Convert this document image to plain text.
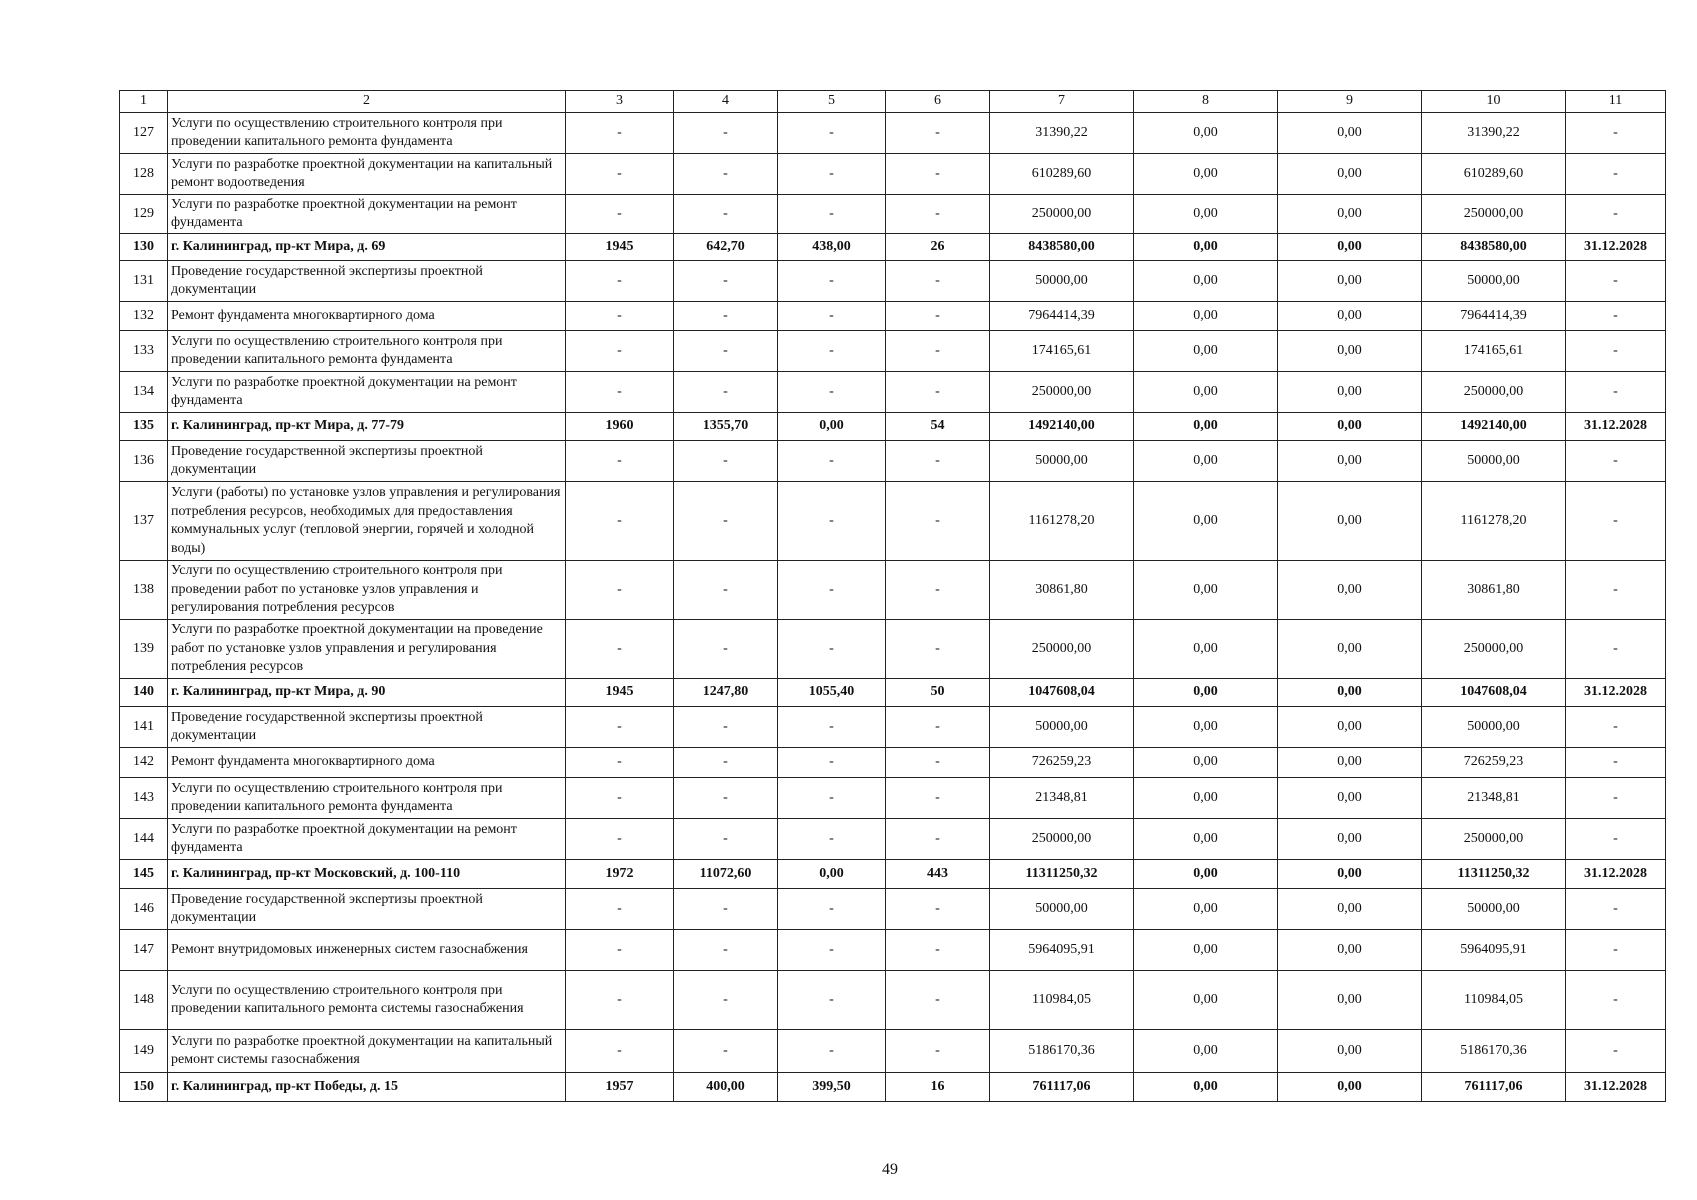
1	2	3	4	5	6	7	8	9	10	11
127	Услуги по осуществлению строительного контроля при проведении капитального ремонта фундамента	-	-	-	-	31390,22	0,00	0,00	31390,22	-
128	Услуги по разработке проектной документации на капитальный ремонт водоотведения	-	-	-	-	610289,60	0,00	0,00	610289,60	-
129	Услуги по разработке проектной документации на ремонт фундамента	-	-	-	-	250000,00	0,00	0,00	250000,00	-
130	г. Калининград, пр-кт Мира, д. 69	1945	642,70	438,00	26	8438580,00	0,00	0,00	8438580,00	31.12.2028
131	Проведение государственной экспертизы проектной документации	-	-	-	-	50000,00	0,00	0,00	50000,00	-
132	Ремонт фундамента многоквартирного дома	-	-	-	-	7964414,39	0,00	0,00	7964414,39	-
133	Услуги по осуществлению строительного контроля при проведении капитального ремонта фундамента	-	-	-	-	174165,61	0,00	0,00	174165,61	-
134	Услуги по разработке проектной документации на ремонт фундамента	-	-	-	-	250000,00	0,00	0,00	250000,00	-
135	г. Калининград, пр-кт Мира, д. 77-79	1960	1355,70	0,00	54	1492140,00	0,00	0,00	1492140,00	31.12.2028
136	Проведение государственной экспертизы проектной документации	-	-	-	-	50000,00	0,00	0,00	50000,00	-
137	Услуги (работы) по установке узлов управления и регулирования потребления ресурсов, необходимых для предоставления коммунальных услуг (тепловой энергии, горячей и холодной воды)	-	-	-	-	1161278,20	0,00	0,00	1161278,20	-
138	Услуги по осуществлению строительного контроля при проведении работ по установке узлов управления и регулирования потребления ресурсов	-	-	-	-	30861,80	0,00	0,00	30861,80	-
139	Услуги по разработке проектной документации на проведение работ по установке узлов управления и регулирования потребления ресурсов	-	-	-	-	250000,00	0,00	0,00	250000,00	-
140	г. Калининград, пр-кт Мира, д. 90	1945	1247,80	1055,40	50	1047608,04	0,00	0,00	1047608,04	31.12.2028
141	Проведение государственной экспертизы проектной документации	-	-	-	-	50000,00	0,00	0,00	50000,00	-
142	Ремонт фундамента многоквартирного дома	-	-	-	-	726259,23	0,00	0,00	726259,23	-
143	Услуги по осуществлению строительного контроля при проведении капитального ремонта фундамента	-	-	-	-	21348,81	0,00	0,00	21348,81	-
144	Услуги по разработке проектной документации на ремонт фундамента	-	-	-	-	250000,00	0,00	0,00	250000,00	-
145	г. Калининград, пр-кт Московский, д. 100-110	1972	11072,60	0,00	443	11311250,32	0,00	0,00	11311250,32	31.12.2028
146	Проведение государственной экспертизы проектной документации	-	-	-	-	50000,00	0,00	0,00	50000,00	-
147	Ремонт внутридомовых инженерных систем газоснабжения	-	-	-	-	5964095,91	0,00	0,00	5964095,91	-
148	Услуги по осуществлению строительного контроля при проведении капитального ремонта системы газоснабжения	-	-	-	-	110984,05	0,00	0,00	110984,05	-
149	Услуги по разработке проектной документации на капитальный ремонт системы газоснабжения	-	-	-	-	5186170,36	0,00	0,00	5186170,36	-
150	г. Калининград, пр-кт Победы, д. 15	1957	400,00	399,50	16	761117,06	0,00	0,00	761117,06	31.12.2028
49
